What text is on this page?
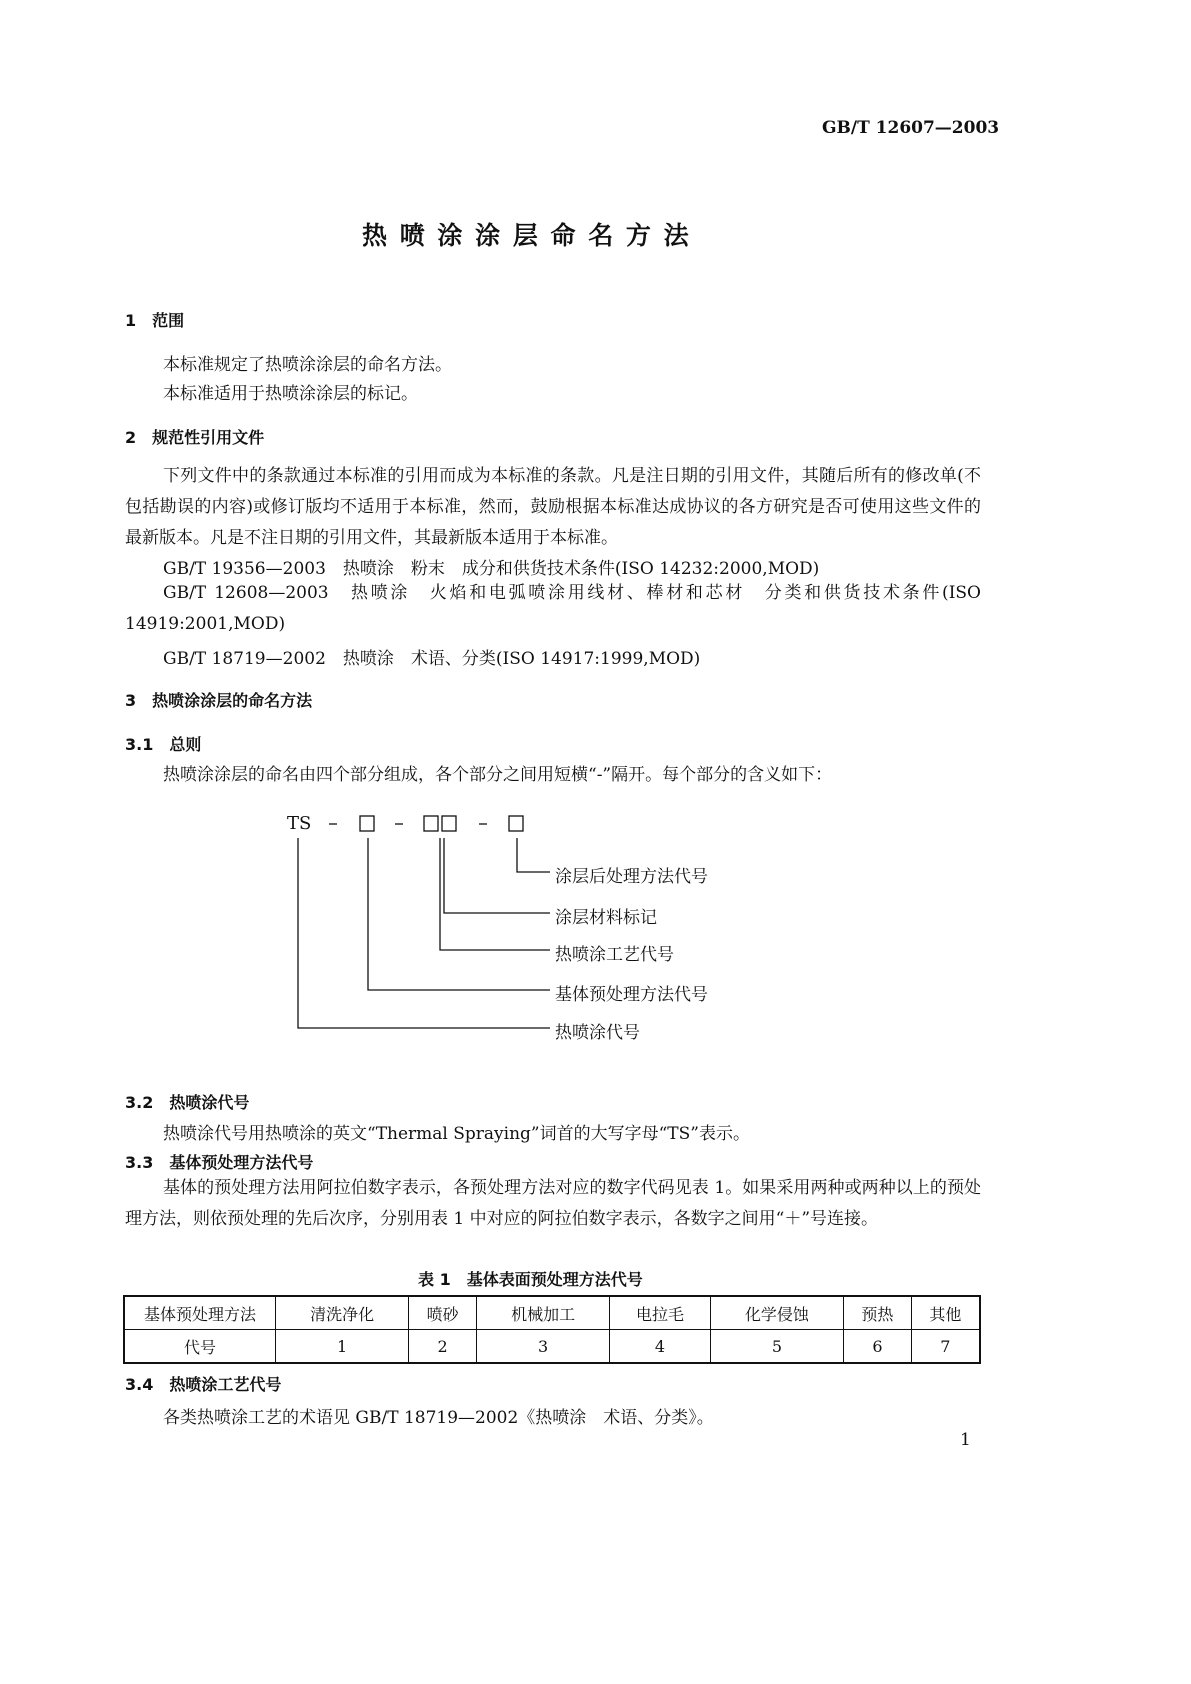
GB/T 12607—2003
热 喷 涂 涂 层 命 名 方 法
1　范围
本标准规定了热喷涂涂层的命名方法。
本标准适用于热喷涂涂层的标记。
2　规范性引用文件
下列文件中的条款通过本标准的引用而成为本标准的条款。凡是注日期的引用文件，其随后所有的修改单(不包括勘误的内容)或修订版均不适用于本标准，然而，鼓励根据本标准达成协议的各方研究是否可使用这些文件的最新版本。凡是不注日期的引用文件，其最新版本适用于本标准。
GB/T 19356—2003　热喷涂　粉末　成分和供货技术条件(ISO 14232:2000,MOD)
GB/T 12608—2003　热喷涂　火焰和电弧喷涂用线材、棒材和芯材　分类和供货技术条件(ISO 14919:2001,MOD)
GB/T 18719—2002　热喷涂　术语、分类(ISO 14917:1999,MOD)
3　热喷涂涂层的命名方法
3.1　总则
热喷涂涂层的命名由四个部分组成，各个部分之间用短横“-”隔开。每个部分的含义如下：
TS
涂层后处理方法代号
涂层材料标记
热喷涂工艺代号
基体预处理方法代号
热喷涂代号
3.2　热喷涂代号
热喷涂代号用热喷涂的英文“Thermal Spraying”词首的大写字母“TS”表示。
3.3　基体预处理方法代号
基体的预处理方法用阿拉伯数字表示，各预处理方法对应的数字代码见表 1。如果采用两种或两种以上的预处理方法，则依预处理的先后次序，分别用表 1 中对应的阿拉伯数字表示，各数字之间用“＋”号连接。
表 1　基体表面预处理方法代号
基体预处理方法	清洗净化	喷砂	机械加工	电拉毛	化学侵蚀	预热	其他
代号	1	2	3	4	5	6	7
3.4　热喷涂工艺代号
各类热喷涂工艺的术语见 GB/T 18719—2002《热喷涂　术语、分类》。
1
